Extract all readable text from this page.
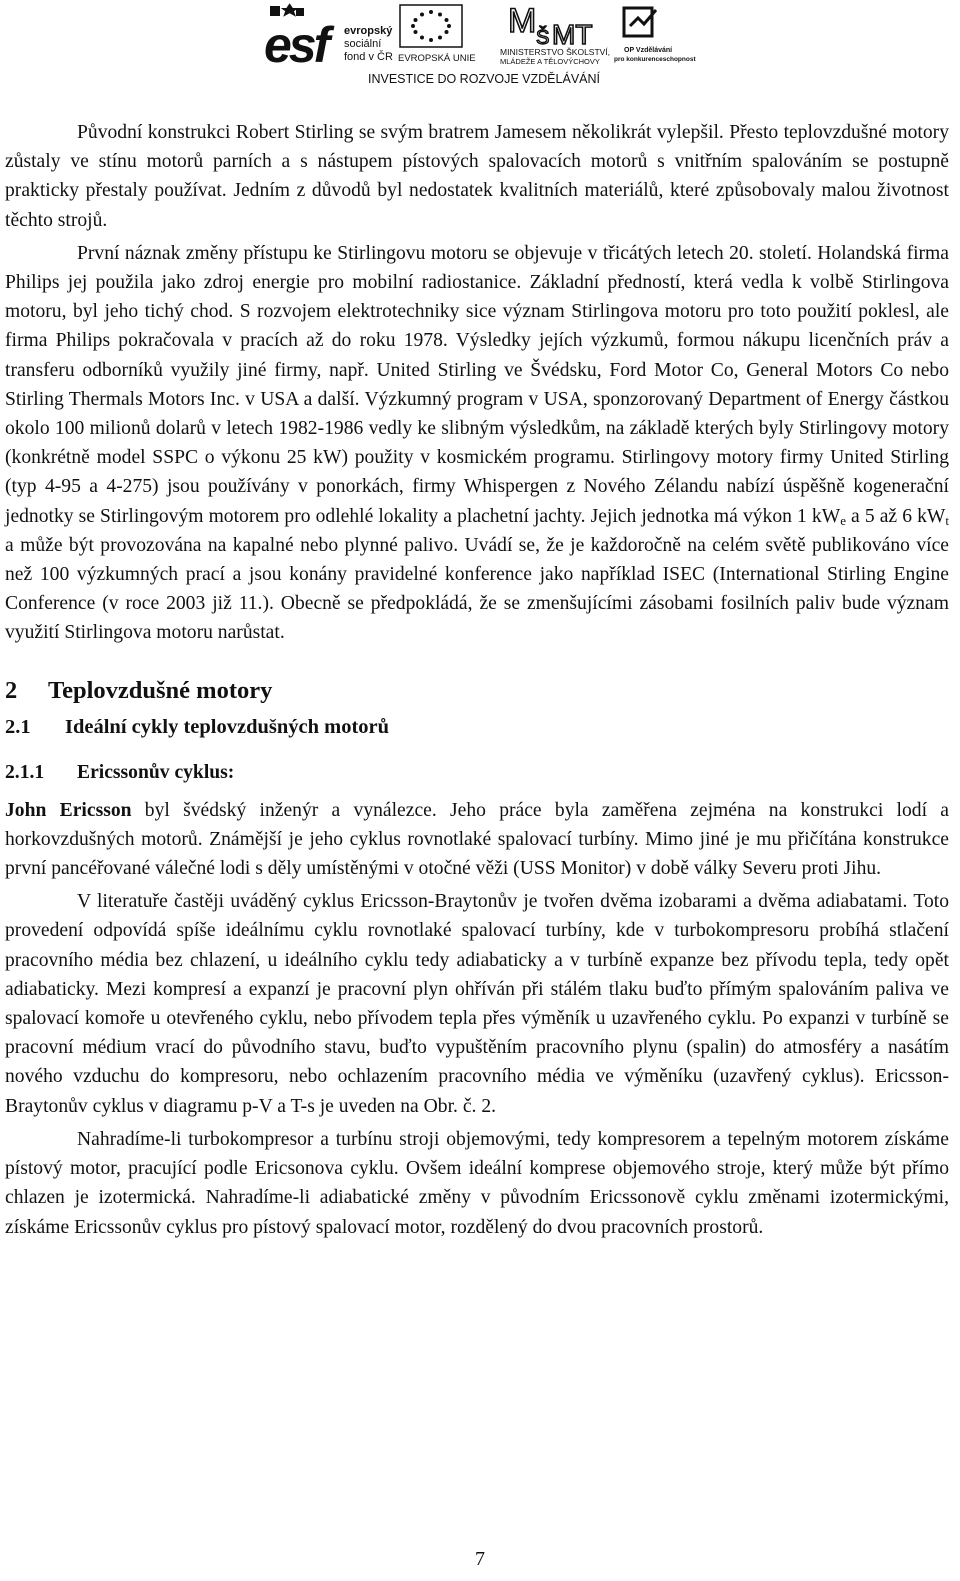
esf	evropský
sociální
fond v ČR EVROPSKÁ UNIE
M Š MT
MINISTERSTVO ŠKOLSTVÍ,
MLÁDEŽE A TĚLOVÝCHOVY
OP Vzdělávání
pro konkurenceschopnost
INVESTICE DO ROZVOJE VZDĚLÁVÁNÍ

Původní konstrukci Robert Stirling se svým bratrem Jamesem několikrát vylepšil. Přesto teplovzdušné motory zůstaly ve stínu motorů parních a s nástupem pístových spalovacích motorů s vnitřním spalováním se postupně prakticky přestaly používat. Jedním z důvodů byl nedostatek kvalitních materiálů, které způsobovaly malou životnost těchto strojů.

První náznak změny přístupu ke Stirlingovu motoru se objevuje v třicátých letech 20. století. Holandská firma Philips jej použila jako zdroj energie pro mobilní radiostanice. Základní předností, která vedla k volbě Stirlingova motoru, byl jeho tichý chod. S rozvojem elektrotechniky sice význam Stirlingova motoru pro toto použití poklesl, ale firma Philips pokračovala v pracích až do roku 1978. Výsledky jejích výzkumů, formou nákupu licenčních práv a transferu odborníků využily jiné firmy, např. United Stirling ve Švédsku, Ford Motor Co, General Motors Co nebo Stirling Thermals Motors Inc. v USA a další. Výzkumný program v USA, sponzorovaný Department of Energy částkou okolo 100 milionů dolarů v letech 1982-1986 vedly ke slibným výsledkům, na základě kterých byly Stirlingovy motory (konkrétně model SSPC o výkonu 25 kW) použity v kosmickém programu. Stirlingovy motory firmy United Stirling (typ 4-95 a 4-275) jsou používány v ponorkách, firmy Whispergen z Nového Zélandu nabízí úspěšně kogenerační jednotky se Stirlingovým motorem pro odlehlé lokality a plachetní jachty. Jejich jednotka má výkon 1 $kW_e$ a 5 až 6 $kW_t$ a může být provozována na kapalné nebo plynné palivo. Uvádí se, že je každoročně na celém světě publikováno více než 100 výzkumných prací a jsou konány pravidelné konference jako například ISEC (International Stirling Engine Conference (v roce 2003 již 11.). Obecně se předpokládá, že se zmenšujícími zásobami fosilních paliv bude význam využití Stirlingova motoru narůstat.

2 Teplovzdušné motory
2.1 Ideální cykly teplovzdušných motorů
2.1.1 Ericssonův cyklus:

John Ericsson byl švédský inženýr a vynálezce. Jeho práce byla zaměřena zejména na konstrukci lodí a horkovzdušných motorů. Známější je jeho cyklus rovnotlaké spalovací turbíny. Mimo jiné je mu přičítána konstrukce první pancéřované válečné lodi s děly umístěnými v otočné věži (USS Monitor) v době války Severu proti Jihu.

V literatuře častěji uváděný cyklus Ericsson-Braytonův je tvořen dvěma izobarami a dvěma adiabatami. Toto provedení odpovídá spíše ideálnímu cyklu rovnotlaké spalovací turbíny, kde v turbokompresoru probíhá stlačení pracovního média bez chlazení, u ideálního cyklu tedy adiabaticky a v turbíně expanze bez přívodu tepla, tedy opět adiabaticky. Mezi kompresí a expanzí je pracovní plyn ohříván při stálém tlaku buďto přímým spalováním paliva ve spalovací komoře u otevřeného cyklu, nebo přívodem tepla přes výměník u uzavřeného cyklu. Po expanzi v turbíně se pracovní médium vrací do původního stavu, buďto vypuštěním pracovního plynu (spalin) do atmosféry a nasátím nového vzduchu do kompresoru, nebo ochlazením pracovního média ve výměníku (uzavřený cyklus). Ericsson-Braytonův cyklus v diagramu p-V a T-s je uveden na Obr. č. 2.

Nahradíme-li turbokompresor a turbínu stroji objemovými, tedy kompresorem a tepelným motorem získáme pístový motor, pracující podle Ericsonova cyklu. Ovšem ideální komprese objemového stroje, který může být přímo chlazen je izotermická. Nahradíme-li adiabatické změny v původním Ericssonově cyklu změnami izotermickými, získáme Ericssonův cyklus pro pístový spalovací motor, rozdělený do dvou pracovních prostorů.

7
